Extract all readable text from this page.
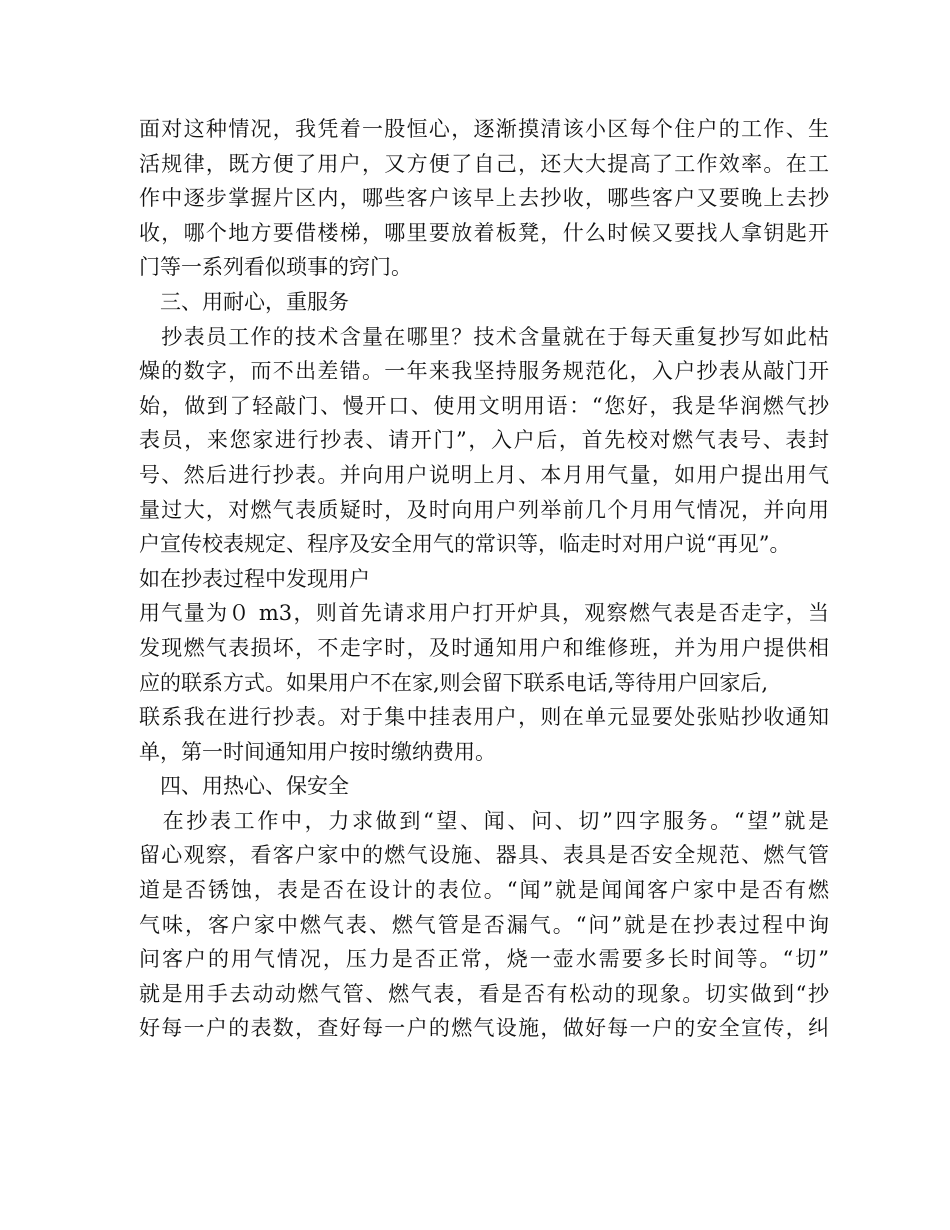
面对这种情况，我凭着一股恒心，逐渐摸清该小区每个住户的工作、生
活规律，既方便了用户，又方便了自己，还大大提高了工作效率。在工
作中逐步掌握片区内，哪些客户该早上去抄收，哪些客户又要晚上去抄
收，哪个地方要借楼梯，哪里要放着板凳，什么时候又要找人拿钥匙开
门等一系列看似琐事的窍门。
　三、用耐心，重服务
　抄表员工作的技术含量在哪里？技术含量就在于每天重复抄写如此枯
燥的数字，而不出差错。一年来我坚持服务规范化，入户抄表从敲门开
始，做到了轻敲门、慢开口、使用文明用语：“您好，我是华润燃气抄
表员，来您家进行抄表、请开门”，入户后，首先校对燃气表号、表封
号、然后进行抄表。并向用户说明上月、本月用气量，如用户提出用气
量过大，对燃气表质疑时，及时向用户列举前几个月用气情况，并向用
户宣传校表规定、程序及安全用气的常识等，临走时对用户说“再见”。
如在抄表过程中发现用户
用气量为０ m3，则首先请求用户打开炉具，观察燃气表是否走字，当
发现燃气表损坏，不走字时，及时通知用户和维修班，并为用户提供相
应的联系方式。如果用户不在家,则会留下联系电话,等待用户回家后,
联系我在进行抄表。对于集中挂表用户，则在单元显要处张贴抄收通知
单，第一时间通知用户按时缴纳费用。
　四、用热心、保安全
　在抄表工作中，力求做到“望、闻、问、切”四字服务。“望”就是
留心观察，看客户家中的燃气设施、器具、表具是否安全规范、燃气管
道是否锈蚀，表是否在设计的表位。“闻”就是闻闻客户家中是否有燃
气味，客户家中燃气表、燃气管是否漏气。“问”就是在抄表过程中询
问客户的用气情况，压力是否正常，烧一壶水需要多长时间等。“切”
就是用手去动动燃气管、燃气表，看是否有松动的现象。切实做到“抄
好每一户的表数，查好每一户的燃气设施，做好每一户的安全宣传，纠
